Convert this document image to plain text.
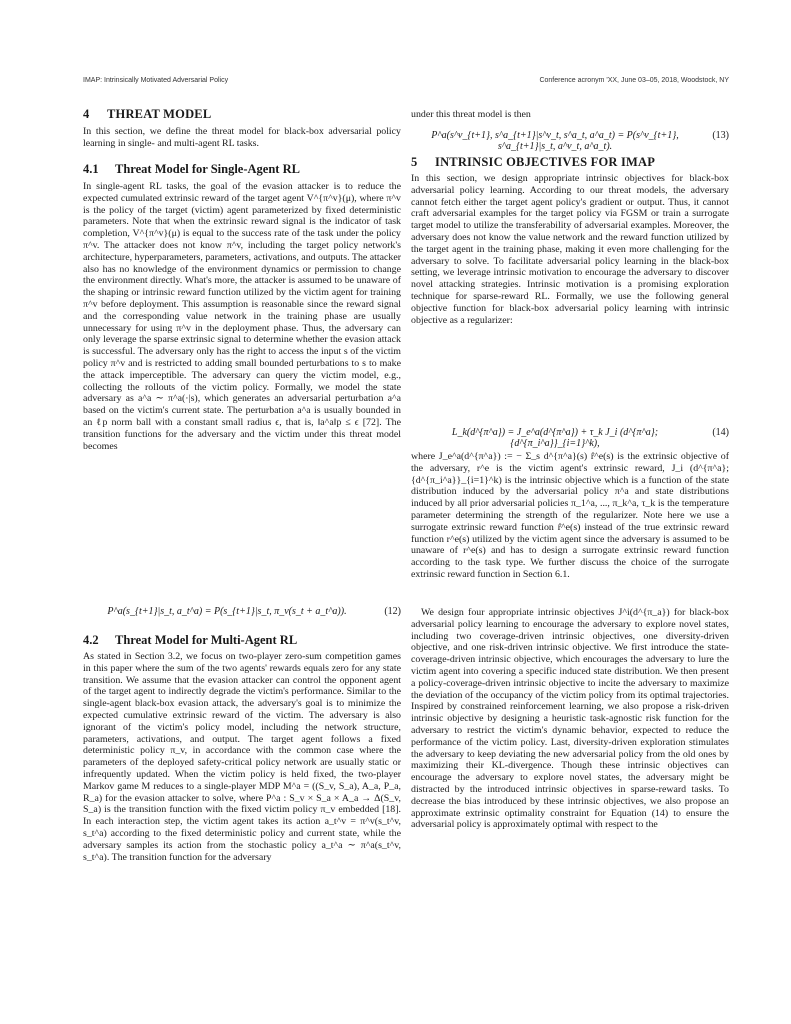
IMAP: Intrinsically Motivated Adversarial Policy	Conference acronym 'XX, June 03–05, 2018, Woodstock, NY
4 THREAT MODEL

In this section, we define the threat model for black-box adversarial policy learning in single- and multi-agent RL tasks.

4.1 Threat Model for Single-Agent RL

In single-agent RL tasks, the goal of the evasion attacker is to reduce the expected cumulated extrinsic reward of the target agent V^{π^v}(μ), where π^v is the policy of the target (victim) agent parameterized by fixed deterministic parameters. Note that when the extrinsic reward signal is the indicator of task completion, V^{π^v}(μ) is equal to the success rate of the task under the policy π^v. The attacker does not know π^v, including the target policy network's architecture, hyperparameters, parameters, activations, and outputs. The attacker also has no knowledge of the environment dynamics or permission to change the environment directly. What's more, the attacker is assumed to be unaware of the shaping or intrinsic reward function utilized by the victim agent for training π^v before deployment. This assumption is reasonable since the reward signal and the corresponding value network in the training phase are usually unnecessary for using π^v in the deployment phase. Thus, the adversary can only leverage the sparse extrinsic signal to determine whether the evasion attack is successful. The adversary only has the right to access the input s of the victim policy π^v and is restricted to adding small bounded perturbations to s to make the attack imperceptible. The adversary can query the victim model, e.g., collecting the rollouts of the victim policy. Formally, we model the state adversary as a^a ∼ π^a(·|s), which generates an adversarial perturbation a^a based on the victim's current state. The perturbation a^a is usually bounded in an ℓp norm ball with a constant small radius ϵ, that is, ‖a^a‖p ≤ ϵ [72]. The transition functions for the adversary and the victim under this threat model becomes

P^a(s_{t+1}|s_t, a_t^a) = P(s_{t+1}|s_t, π_v(s_t + a_t^a)).	(12)
4.2 Threat Model for Multi-Agent RL

As stated in Section 3.2, we focus on two-player zero-sum competition games in this paper where the sum of the two agents' rewards equals zero for any state transition. We assume that the evasion attacker can control the opponent agent of the target agent to indirectly degrade the victim's performance. Similar to the single-agent black-box evasion attack, the adversary's goal is to minimize the expected cumulative extrinsic reward of the victim. The adversary is also ignorant of the victim's policy model, including the network structure, parameters, activations, and output. The target agent follows a fixed deterministic policy π_v, in accordance with the common case where the parameters of the deployed safety-critical policy network are usually static or infrequently updated. When the victim policy is held fixed, the two-player Markov game M reduces to a single-player MDP M^a = ((S_v, S_a), A_a, P_a, R_a) for the evasion attacker to solve, where P^a : S_v × S_a × A_a → Δ(S_v, S_a) is the transition function with the fixed victim policy π_v embedded [18]. In each interaction step, the victim agent takes its action a_t^v = π^v(s_t^v, s_t^a) according to the fixed deterministic policy and current state, while the adversary samples its action from the stochastic policy a_t^a ∼ π^a(s_t^v, s_t^a). The transition function for the adversary

under this threat model is then

P^a(s^v_{t+1}, s^a_{t+1}|s^v_t, s^a_t, a^a_t) = P(s^v_{t+1}, s^a_{t+1}|s_t, a^v_t, a^a_t).
(13)
5 INTRINSIC OBJECTIVES FOR IMAP

In this section, we design appropriate intrinsic objectives for black-box adversarial policy learning. According to our threat models, the adversary cannot fetch either the target agent policy's gradient or output. Thus, it cannot craft adversarial examples for the target policy via FGSM or train a surrogate target model to utilize the transferability of adversarial examples. Moreover, the adversary does not know the value network and the reward function utilized by the target agent in the training phase, making it even more challenging for the adversary to solve. To facilitate adversarial policy learning in the black-box setting, we leverage intrinsic motivation to encourage the adversary to discover novel attacking strategies. Intrinsic motivation is a promising exploration technique for sparse-reward RL. Formally, we use the following general objective function for black-box adversarial policy learning with intrinsic objective as a regularizer:

L_k(d^{π^a}) = J_e^a(d^{π^a}) + τ_k J_i (d^{π^a}; {d^{π_i^a}}_{i=1}^k),
(14)

where J_e^a(d^{π^a}) := − Σ_s d^{π^a}(s) r̂^e(s) is the extrinsic objective of the adversary, r^e is the victim agent's extrinsic reward, J_i (d^{π^a}; {d^{π_i^a}}_{i=1}^k) is the intrinsic objective which is a function of the state distribution induced by the adversarial policy π^a and state distributions induced by all prior adversarial policies π_1^a, ..., π_k^a, τ_k is the temperature parameter determining the strength of the regularizer. Note here we use a surrogate extrinsic reward function r̂^e(s) instead of the true extrinsic reward function r^e(s) utilized by the victim agent since the adversary is assumed to be unaware of r^e(s) and has to design a surrogate extrinsic reward function according to the task type. We further discuss the choice of the surrogate extrinsic reward function in Section 6.1.

We design four appropriate intrinsic objectives J^i(d^{π_a}) for black-box adversarial policy learning to encourage the adversary to explore novel states, including two coverage-driven intrinsic objectives, one diversity-driven objective, and one risk-driven intrinsic objective. We first introduce the state-coverage-driven intrinsic objective, which encourages the adversary to lure the victim agent into covering a specific induced state distribution. We then present a policy-coverage-driven intrinsic objective to incite the adversary to maximize the deviation of the occupancy of the victim policy from its optimal trajectories. Inspired by constrained reinforcement learning, we also propose a risk-driven intrinsic objective by designing a heuristic task-agnostic risk function for the adversary to restrict the victim's dynamic behavior, expected to reduce the performance of the victim policy. Last, diversity-driven exploration stimulates the adversary to keep deviating the new adversarial policy from the old ones by maximizing their KL-divergence. Though these intrinsic objectives can encourage the adversary to explore novel states, the adversary might be distracted by the introduced intrinsic objectives in sparse-reward tasks. To decrease the bias introduced by these intrinsic objectives, we also propose an approximate extrinsic optimality constraint for Equation (14) to ensure the adversarial policy is approximately optimal with respect to the
